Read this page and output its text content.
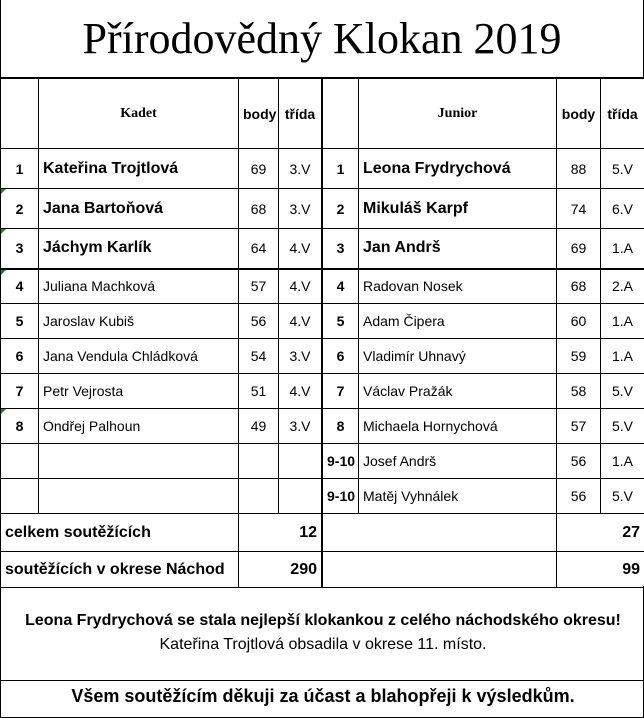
Přírodovědný Klokan 2019
	Kadet	body	třída
1	Kateřina Trojtlová	69	3.V
2	Jana Bartoňová	68	3.V
3	Jáchym Karlík	64	4.V
4	Juliana Machková	57	4.V
5	Jaroslav Kubiš	56	4.V
6	Jana Vendula Chládková	54	3.V
7	Petr Vejrosta	51	4.V
8	Ondřej Palhoun	49	3.V

celkem soutěžících		12	
soutěžících v okrese Náchod		290	
	Junior	body	třída
1	Leona Frydrychová	88	5.V
2	Mikuláš Karpf	74	6.V
3	Jan Andrš	69	1.A
4	Radovan Nosek	68	2.A
5	Adam Čipera	60	1.A
6	Vladimír Uhnavý	59	1.A
7	Václav Pražák	58	5.V
8	Michaela Hornychová	57	5.V
9-10	Josef Andrš	56	1.A
9-10	Matěj Vyhnálek	56	5.V
		27	
		99	
Leona Frydrychová se stala nejlepší klokankou z celého náchodského okresu!
Kateřina Trojtlová obsadila v okrese 11. místo.
Všem soutěžícím děkuji za účast a blahopřeji k výsledkům.
